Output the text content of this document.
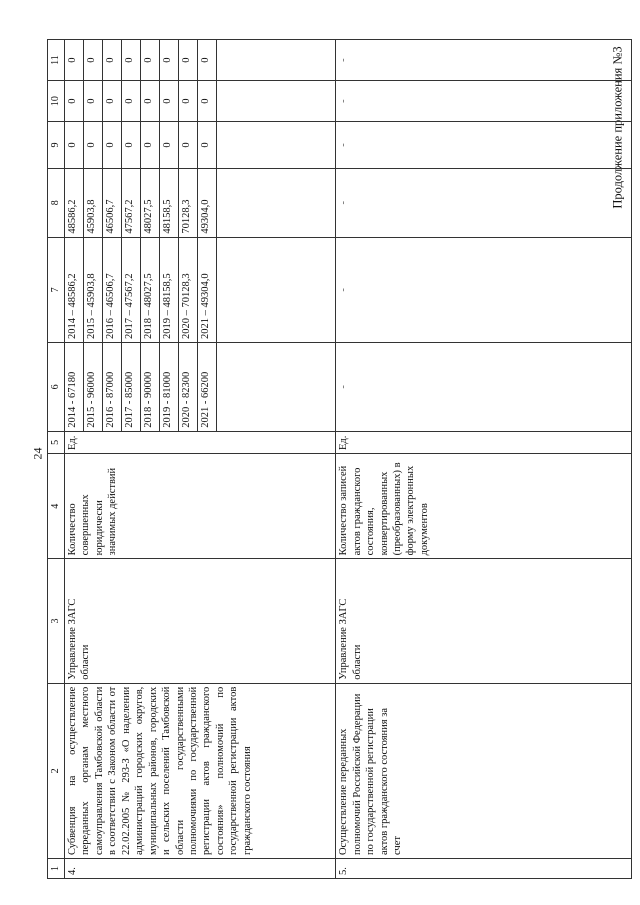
24
Продолжение приложения №3
1	2	3	4	5	6	7	8	9	10	11
4.	Субвенция на осуществление переданных органам местного самоуправления Тамбовской области в соответствии с Законом области от 22.02.2005 № 293-З «О наделении администраций городских округов, муниципальных районов, городских и сельских поселений Тамбовской области государственными полномочиями по государственной регистрации актов гражданского состояния» полномочий по государственной регистрации актов гражданского состояния	Управление ЗАГС области	Количество совершенных юридически значимых действий	Ед.	2014 - 67180	2014 – 48586,2	48586,2	0	0	0
					2015 - 96000	2015 – 45903,8	45903,8	0	0	0
					2016 - 87000	2016 – 46506,7	46506,7	0	0	0
					2017 - 85000	2017 – 47567,2	47567,2	0	0	0
					2018 - 90000	2018 – 48027,5	48027,5	0	0	0
					2019 - 81000	2019 – 48158,5	48158,5	0	0	0
					2020 - 82300	2020 – 70128,3	70128,3	0	0	0
					2021 - 66200	2021 – 49304,0	49304,0	0	0	0

5.	Осуществление переданных полномочий Российской Федерации по государственной регистрации актов гражданского состояния за счет	Управление ЗАГС области	Количество записей актов гражданского состояния, конвертированных (преобразованных) в форму электронных документов	Ед.	-	-	-	-	-	-
